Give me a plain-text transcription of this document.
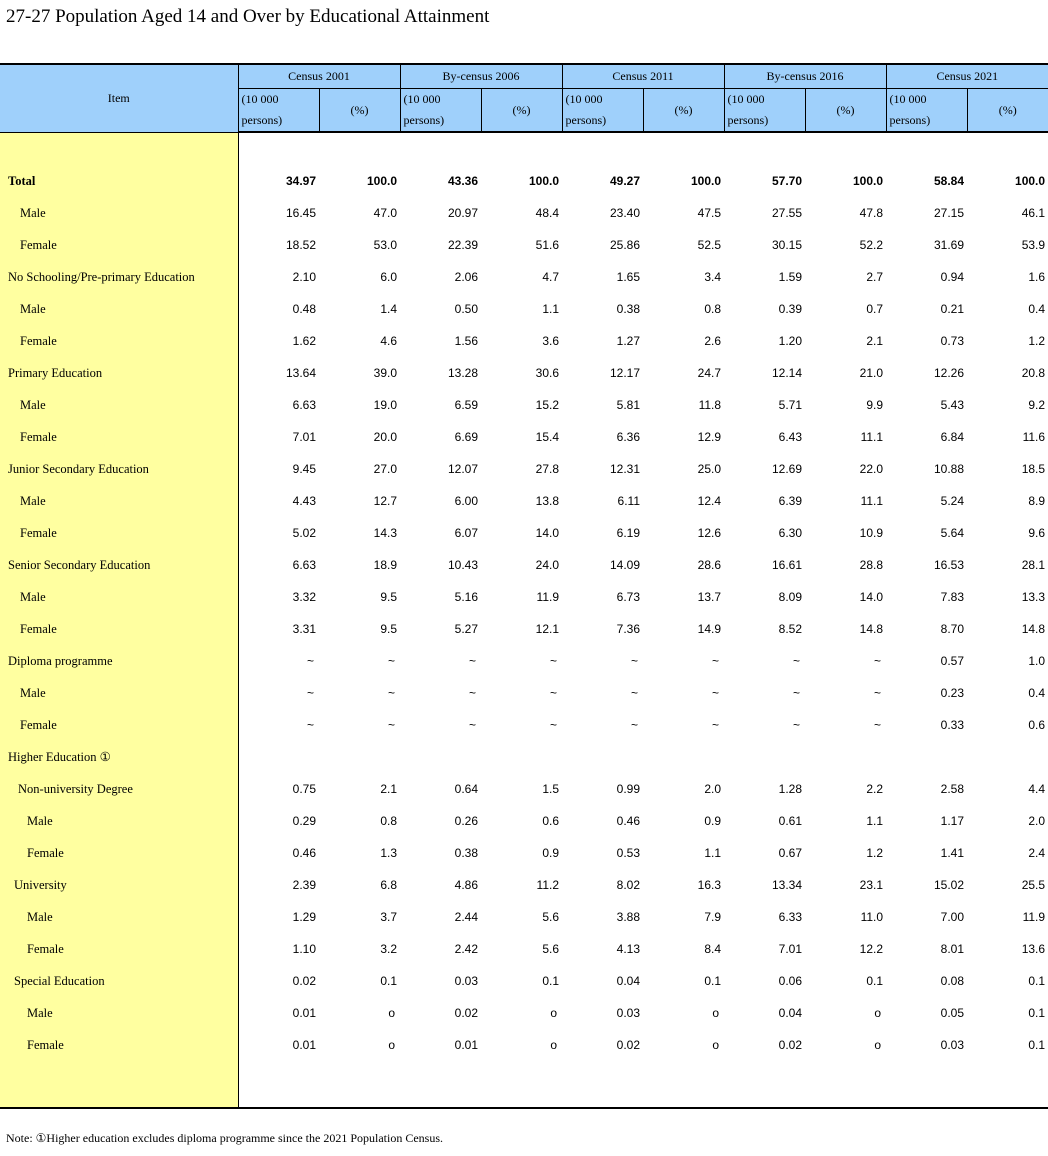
27-27 Population Aged 14 and Over by Educational Attainment
Item	Census 2001		By-census 2006		Census 2011		By-census 2016		Census 2021	

	(10 000
persons)	(%)	(10 000
persons)	(%)	(10 000
persons)	(%)	(10 000
persons)	(%)	(10 000
persons)	(%)

Total	34.97	100.0	43.36	100.0	49.27	100.0	57.70	100.0	58.84	100.0
Male	16.45	47.0	20.97	48.4	23.40	47.5	27.55	47.8	27.15	46.1
Female	18.52	53.0	22.39	51.6	25.86	52.5	30.15	52.2	31.69	53.9
No Schooling/Pre-primary Education	2.10	6.0	2.06	4.7	1.65	3.4	1.59	2.7	0.94	1.6
Male	0.48	1.4	0.50	1.1	0.38	0.8	0.39	0.7	0.21	0.4
Female	1.62	4.6	1.56	3.6	1.27	2.6	1.20	2.1	0.73	1.2
Primary Education	13.64	39.0	13.28	30.6	12.17	24.7	12.14	21.0	12.26	20.8
Male	6.63	19.0	6.59	15.2	5.81	11.8	5.71	9.9	5.43	9.2
Female	7.01	20.0	6.69	15.4	6.36	12.9	6.43	11.1	6.84	11.6
Junior Secondary Education	9.45	27.0	12.07	27.8	12.31	25.0	12.69	22.0	10.88	18.5
Male	4.43	12.7	6.00	13.8	6.11	12.4	6.39	11.1	5.24	8.9
Female	5.02	14.3	6.07	14.0	6.19	12.6	6.30	10.9	5.64	9.6
Senior Secondary Education	6.63	18.9	10.43	24.0	14.09	28.6	16.61	28.8	16.53	28.1
Male	3.32	9.5	5.16	11.9	6.73	13.7	8.09	14.0	7.83	13.3
Female	3.31	9.5	5.27	12.1	7.36	14.9	8.52	14.8	8.70	14.8
Diploma programme	~	~	~	~	~	~	~	~	0.57	1.0
Male	~	~	~	~	~	~	~	~	0.23	0.4
Female	~	~	~	~	~	~	~	~	0.33	0.6
Higher Education ①										
Non-university Degree	0.75	2.1	0.64	1.5	0.99	2.0	1.28	2.2	2.58	4.4
Male	0.29	0.8	0.26	0.6	0.46	0.9	0.61	1.1	1.17	2.0
Female	0.46	1.3	0.38	0.9	0.53	1.1	0.67	1.2	1.41	2.4
University	2.39	6.8	4.86	11.2	8.02	16.3	13.34	23.1	15.02	25.5
Male	1.29	3.7	2.44	5.6	3.88	7.9	6.33	11.0	7.00	11.9
Female	1.10	3.2	2.42	5.6	4.13	8.4	7.01	12.2	8.01	13.6
Special Education	0.02	0.1	0.03	0.1	0.04	0.1	0.06	0.1	0.08	0.1
Male	0.01	o	0.02	o	0.03	o	0.04	o	0.05	0.1
Female	0.01	o	0.01	o	0.02	o	0.02	o	0.03	0.1

Note: ①Higher education excludes diploma programme since the 2021 Population Census.
